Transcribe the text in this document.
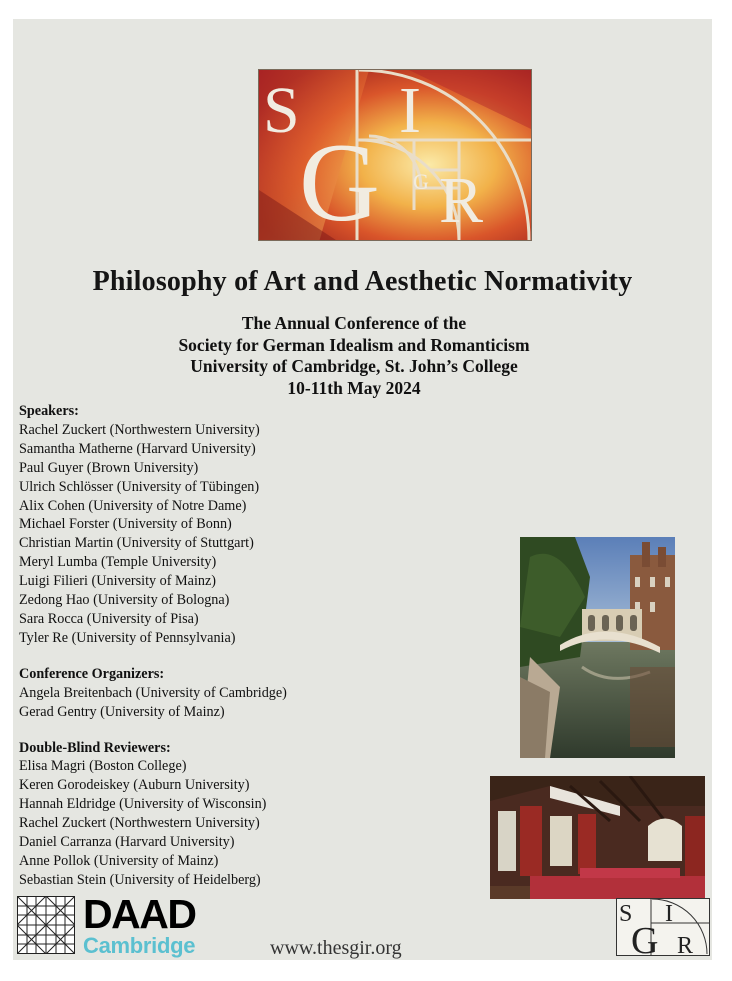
S I
G R
G
Philosophy of Art and Aesthetic Normativity
The Annual Conference of the
Society for German Idealism and Romanticism
University of Cambridge, St. John’s College
10-11th May 2024
Speakers:
Rachel Zuckert (Northwestern University)
Samantha Matherne (Harvard University)
Paul Guyer (Brown University)
Ulrich Schlösser (University of Tübingen)
Alix Cohen (University of Notre Dame)
Michael Forster (University of Bonn)
Christian Martin (University of Stuttgart)
Meryl Lumba (Temple University)
Luigi Filieri (University of Mainz)
Zedong Hao (University of Bologna)
Sara Rocca (University of Pisa)
Tyler Re (University of Pennsylvania)
Conference Organizers:
Angela Breitenbach (University of Cambridge)
Gerad Gentry (University of Mainz)
Double-Blind Reviewers:
Elisa Magri (Boston College)
Keren Gorodeiskey (Auburn University)
Hannah Eldridge (University of Wisconsin)
Rachel Zuckert (Northwestern University)
Daniel Carranza (Harvard University)
Anne Pollok (University of Mainz)
Sebastian Stein (University of Heidelberg)
DAAD
Cambridge	www.thesgir.org
S I
G R
